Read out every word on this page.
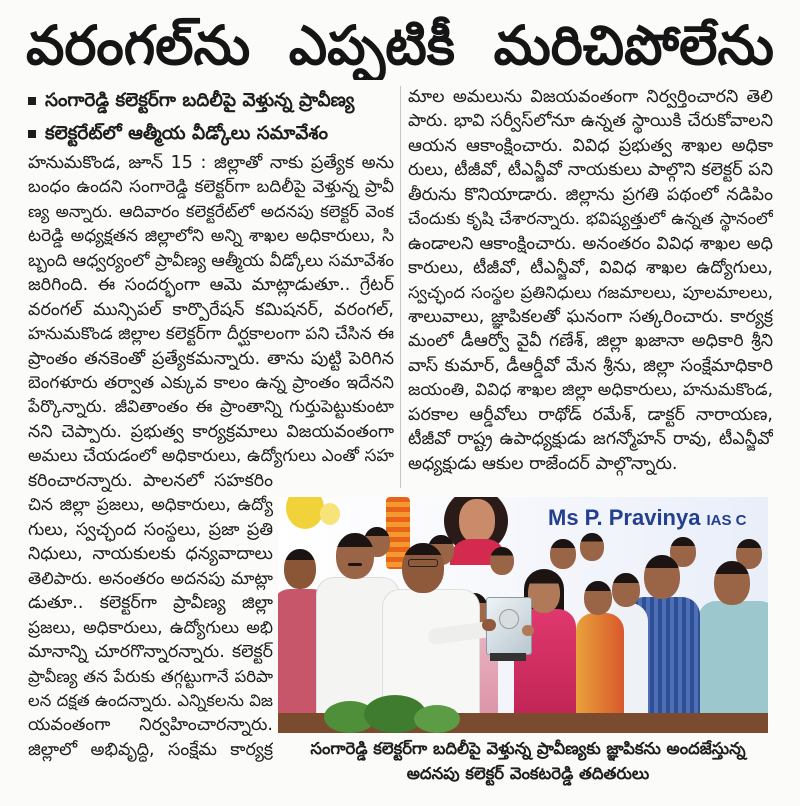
వరంగల్‌ను ఎప్పటికీ మరిచిపోలేను
సంగారెడ్డి కలెక్టర్‌గా బదిలీపై వెళ్తున్న ప్రావీణ్య
కలెక్టరేట్‌లో ఆత్మీయ వీడ్కోలు సమావేశం
హనుమకొండ, జూన్ 15 : జిల్లాతో నాకు ప్రత్యేక అను
బంధం ఉందని సంగారెడ్డి కలెక్టర్‌గా బదిలీపై వెళ్తున్న ప్రావీ
ణ్య అన్నారు. ఆదివారం కలెక్టరేట్‌లో అదనపు కలెక్టర్ వెంక
టరెడ్డి అధ్యక్షతన జిల్లాలోని అన్ని శాఖల అధికారులు, సి
బ్బంది ఆధ్వర్యంలో ప్రావీణ్య ఆత్మీయ వీడ్కోలు సమావేశం
జరిగింది. ఈ సందర్భంగా ఆమె మాట్లాడుతూ.. గ్రేటర్
వరంగల్ మున్సిపల్ కార్పొరేషన్ కమిషనర్, వరంగల్,
హనుమకొండ జిల్లాల కలెక్టర్‌గా దీర్ఘకాలంగా పని చేసిన ఈ
ప్రాంతం తనకెంతో ప్రత్యేకమన్నారు. తాను పుట్టి పెరిగిన
బెంగళూరు తర్వాత ఎక్కువ కాలం ఉన్న ప్రాంతం ఇదేనని
పేర్కొన్నారు. జీవితాంతం ఈ ప్రాంతాన్ని గుర్తుపెట్టుకుంటా
నని చెప్పారు. ప్రభుత్వ కార్యక్రమాలు విజయవంతంగా
అమలు చేయడంలో అధికారులు, ఉద్యోగులు ఎంతో సహ
కరించారన్నారు. పాలనలో సహకరిం
చిన జిల్లా ప్రజలు, అధికారులు, ఉద్యో
గులు, స్వచ్ఛంద సంస్థలు, ప్రజా ప్రతి
నిధులు, నాయకులకు ధన్యవాదాలు
తెలిపారు. అనంతరం అదనపు మాట్లా
డుతూ.. కలెక్టర్‌గా ప్రావీణ్య జిల్లా
ప్రజలు, అధికారులు, ఉద్యోగులు అభి
మానాన్ని చూరగొన్నారన్నారు. కలెక్టర్
ప్రావీణ్య తన పేరుకు తగ్గట్టుగానే పరిపా
లన దక్షత ఉందన్నారు. ఎన్నికలను విజ
యవంతంగా నిర్వహించారన్నారు.
జిల్లాలో అభివృద్ధి, సంక్షేమ కార్యక్ర
మాల అమలును విజయవంతంగా నిర్వర్తించారని తెలి
పారు. భావి సర్వీస్‌లోనూ ఉన్నత స్థాయికి చేరుకోవాలని
ఆయన ఆకాంక్షించారు. వివిధ ప్రభుత్వ శాఖల అధికా
రులు, టీజీవో, టీఎన్జీవో నాయకులు పాల్గొని కలెక్టర్ పని
తీరును కొనియాడారు. జిల్లాను ప్రగతి పథంలో నడిపిం
చేందుకు కృషి చేశారన్నారు. భవిష్యత్తులో ఉన్నత స్థానంలో
ఉండాలని ఆకాంక్షించారు. అనంతరం వివిధ శాఖల అధి
కారులు, టీజీవో, టీఎన్జీవో, వివిధ శాఖల ఉద్యోగులు,
స్వచ్ఛంద సంస్థల ప్రతినిధులు గజమాలలు, పూలమాలలు,
శాలువాలు, జ్ఞాపికలతో ఘనంగా సత్కరించారు. కార్యక్ర
మంలో డీఆర్వో వైవీ గణేశ్, జిల్లా ఖజానా అధికారి శ్రీని
వాస్ కుమార్, డీఆర్డీవో మేన శ్రీను, జిల్లా సంక్షేమాధికారి
జయంతి, వివిధ శాఖల జిల్లా అధికారులు, హనుమకొండ,
పరకాల ఆర్డీవోలు రాథోడ్ రమేశ్, డాక్టర్ నారాయణ,
టీజీవో రాష్ట్ర ఉపాధ్యక్షుడు జగన్మోహన్ రావు, టీఎన్జీవో
అధ్యక్షుడు ఆకుల రాజేందర్ పాల్గొన్నారు.
Ms P. Pravinya IAS C
సంగారెడ్డి కలెక్టర్‌గా బదిలీపై వెళ్తున్న ప్రావీణ్యకు జ్ఞాపికను అందజేస్తున్న
అదనపు కలెక్టర్ వెంకటరెడ్డి తదితరులు
